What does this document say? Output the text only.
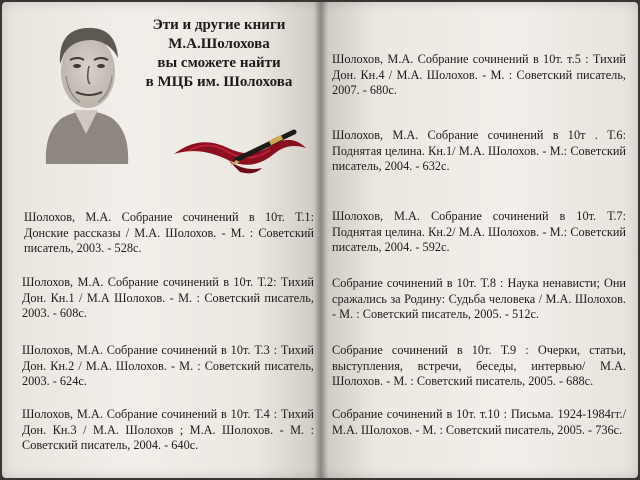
Эти и другие книги
М.А.Шолохова
вы сможете найти
в МЦБ им. Шолохова
Шолохов, М.А. Собрание сочинений в 10т. Т.1: Донские рассказы / М.А. Шолохов. - М. : Советский писатель, 2003. - 528с.
Шолохов, М.А. Собрание сочинений в 10т. Т.2: Тихий Дон. Кн.1 / М.А Шолохов. - М. : Советский писатель, 2003. - 608с.
Шолохов, М.А. Собрание сочинений в 10т. Т.3 : Тихий Дон. Кн.2 / М.А. Шолохов. - М. : Советский писатель, 2003. - 624с.
Шолохов, М.А. Собрание сочинений в 10т. Т.4 : Тихий Дон. Кн.3 / М.А. Шолохов ; М.А. Шолохов. - М. : Советский писатель, 2004. - 640с.
Шолохов, М.А. Собрание сочинений в 10т. т.5 : Тихий Дон. Кн.4 / М.А. Шолохов. - М. : Советский писатель, 2007. - 680с.
Шолохов, М.А. Собрание сочинений в 10т . Т.6: Поднятая целина. Кн.1/ М.А. Шолохов. - М.: Советский писатель, 2004. - 632с.
Шолохов, М.А. Собрание сочинений в 10т. Т.7: Поднятая целина. Кн.2/ М.А. Шолохов. - М.: Советский писатель, 2004. - 592с.
Собрание сочинений в 10т. Т.8 : Наука ненависти; Они сражались за Родину: Судьба человека / М.А. Шолохов. - М. : Советский писатель, 2005. - 512с.
Собрание сочинений в 10т. Т.9 : Очерки, статьи, выступления, встречи, беседы, интервью/ М.А. Шолохов. - М. : Советский писатель, 2005. - 688с.
Собрание сочинений в 10т. т.10 : Письма. 1924-1984гг./ М.А. Шолохов. - М. : Советский писатель, 2005. - 736с.
